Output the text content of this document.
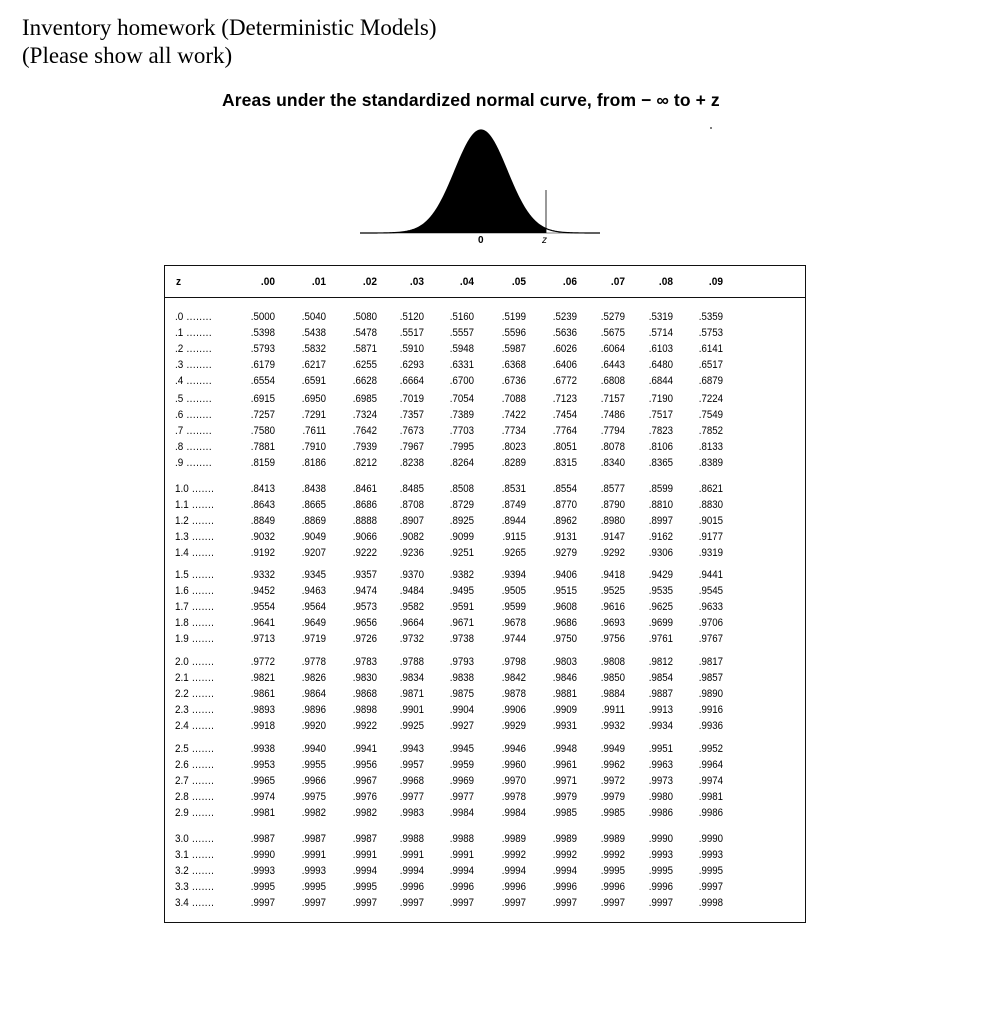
Inventory homework (Deterministic Models)
(Please show all work)
Areas under the standardized normal curve, from − ∞ to + z
0	z
z	.00	.01	.02	.03	.04	.05	.06	.07	.08	.09
.0 ........	.5000	.5040	.5080	.5120	.5160	.5199	.5239	.5279	.5319	.5359
.1 ........	.5398	.5438	.5478	.5517	.5557	.5596	.5636	.5675	.5714	.5753
.2 ........	.5793	.5832	.5871	.5910	.5948	.5987	.6026	.6064	.6103	.6141
.3 ........	.6179	.6217	.6255	.6293	.6331	.6368	.6406	.6443	.6480	.6517
.4 ........	.6554	.6591	.6628	.6664	.6700	.6736	.6772	.6808	.6844	.6879
.5 ........	.6915	.6950	.6985	.7019	.7054	.7088	.7123	.7157	.7190	.7224
.6 ........	.7257	.7291	.7324	.7357	.7389	.7422	.7454	.7486	.7517	.7549
.7 ........	.7580	.7611	.7642	.7673	.7703	.7734	.7764	.7794	.7823	.7852
.8 ........	.7881	.7910	.7939	.7967	.7995	.8023	.8051	.8078	.8106	.8133
.9 ........	.8159	.8186	.8212	.8238	.8264	.8289	.8315	.8340	.8365	.8389
1.0 .......	.8413	.8438	.8461	.8485	.8508	.8531	.8554	.8577	.8599	.8621
1.1 .......	.8643	.8665	.8686	.8708	.8729	.8749	.8770	.8790	.8810	.8830
1.2 .......	.8849	.8869	.8888	.8907	.8925	.8944	.8962	.8980	.8997	.9015
1.3 .......	.9032	.9049	.9066	.9082	.9099	.9115	.9131	.9147	.9162	.9177
1.4 .......	.9192	.9207	.9222	.9236	.9251	.9265	.9279	.9292	.9306	.9319
1.5 .......	.9332	.9345	.9357	.9370	.9382	.9394	.9406	.9418	.9429	.9441
1.6 .......	.9452	.9463	.9474	.9484	.9495	.9505	.9515	.9525	.9535	.9545
1.7 .......	.9554	.9564	.9573	.9582	.9591	.9599	.9608	.9616	.9625	.9633
1.8 .......	.9641	.9649	.9656	.9664	.9671	.9678	.9686	.9693	.9699	.9706
1.9 .......	.9713	.9719	.9726	.9732	.9738	.9744	.9750	.9756	.9761	.9767
2.0 .......	.9772	.9778	.9783	.9788	.9793	.9798	.9803	.9808	.9812	.9817
2.1 .......	.9821	.9826	.9830	.9834	.9838	.9842	.9846	.9850	.9854	.9857
2.2 .......	.9861	.9864	.9868	.9871	.9875	.9878	.9881	.9884	.9887	.9890
2.3 .......	.9893	.9896	.9898	.9901	.9904	.9906	.9909	.9911	.9913	.9916
2.4 .......	.9918	.9920	.9922	.9925	.9927	.9929	.9931	.9932	.9934	.9936
2.5 .......	.9938	.9940	.9941	.9943	.9945	.9946	.9948	.9949	.9951	.9952
2.6 .......	.9953	.9955	.9956	.9957	.9959	.9960	.9961	.9962	.9963	.9964
2.7 .......	.9965	.9966	.9967	.9968	.9969	.9970	.9971	.9972	.9973	.9974
2.8 .......	.9974	.9975	.9976	.9977	.9977	.9978	.9979	.9979	.9980	.9981
2.9 .......	.9981	.9982	.9982	.9983	.9984	.9984	.9985	.9985	.9986	.9986
3.0 .......	.9987	.9987	.9987	.9988	.9988	.9989	.9989	.9989	.9990	.9990
3.1 .......	.9990	.9991	.9991	.9991	.9991	.9992	.9992	.9992	.9993	.9993
3.2 .......	.9993	.9993	.9994	.9994	.9994	.9994	.9994	.9995	.9995	.9995
3.3 .......	.9995	.9995	.9995	.9996	.9996	.9996	.9996	.9996	.9996	.9997
3.4 .......	.9997	.9997	.9997	.9997	.9997	.9997	.9997	.9997	.9997	.9998
